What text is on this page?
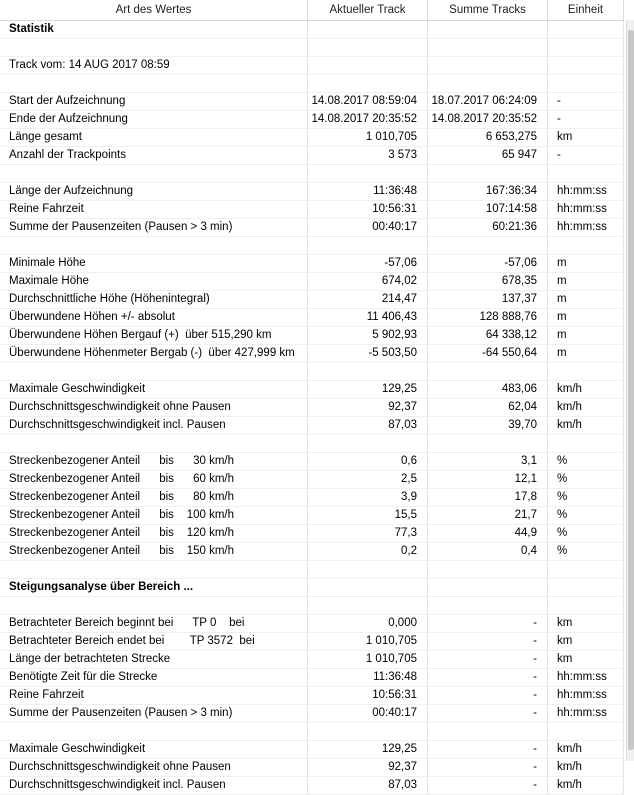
Art des Wertes	Aktueller Track	Summe Tracks	Einheit
Statistik
Track vom: 14 AUG 2017 08:59
Start der Aufzeichnung	14.08.2017 08:59:04	18.07.2017 06:24:09	-
Ende der Aufzeichnung	14.08.2017 20:35:52	14.08.2017 20:35:52	-
Länge gesamt	1 010,705	6 653,275	km
Anzahl der Trackpoints	3 573	65 947	-
Länge der Aufzeichnung	11:36:48	167:36:34	hh:mm:ss
Reine Fahrzeit	10:56:31	107:14:58	hh:mm:ss
Summe der Pausenzeiten (Pausen > 3 min)	00:40:17	60:21:36	hh:mm:ss
Minimale Höhe	-57,06	-57,06	m
Maximale Höhe	674,02	678,35	m
Durchschnittliche Höhe (Höhenintegral)	214,47	137,37	m
Überwundene Höhen +/- absolut	11 406,43	128 888,76	m
Überwundene Höhen Bergauf (+)  über 515,290 km	5 902,93	64 338,12	m
Überwundene Höhenmeter Bergab (-)  über 427,999 km	-5 503,50	-64 550,64	m
Maximale Geschwindigkeit	129,25	483,06	km/h
Durchschnittsgeschwindigkeit ohne Pausen	92,37	62,04	km/h
Durchschnittsgeschwindigkeit incl. Pausen	87,03	39,70	km/h
Streckenbezogener Anteil      bis      30 km/h	0,6	3,1	%
Streckenbezogener Anteil      bis      60 km/h	2,5	12,1	%
Streckenbezogener Anteil      bis      80 km/h	3,9	17,8	%
Streckenbezogener Anteil      bis    100 km/h	15,5	21,7	%
Streckenbezogener Anteil      bis    120 km/h	77,3	44,9	%
Streckenbezogener Anteil      bis    150 km/h	0,2	0,4	%
Steigungsanalyse über Bereich ...
Betrachteter Bereich beginnt bei      TP 0    bei	0,000	-	km
Betrachteter Bereich endet bei        TP 3572  bei	1 010,705	-	km
Länge der betrachteten Strecke	1 010,705	-	km
Benötigte Zeit für die Strecke	11:36:48	-	hh:mm:ss
Reine Fahrzeit	10:56:31	-	hh:mm:ss
Summe der Pausenzeiten (Pausen > 3 min)	00:40:17	-	hh:mm:ss
Maximale Geschwindigkeit	129,25	-	km/h
Durchschnittsgeschwindigkeit ohne Pausen	92,37	-	km/h
Durchschnittsgeschwindigkeit incl. Pausen	87,03	-	km/h
